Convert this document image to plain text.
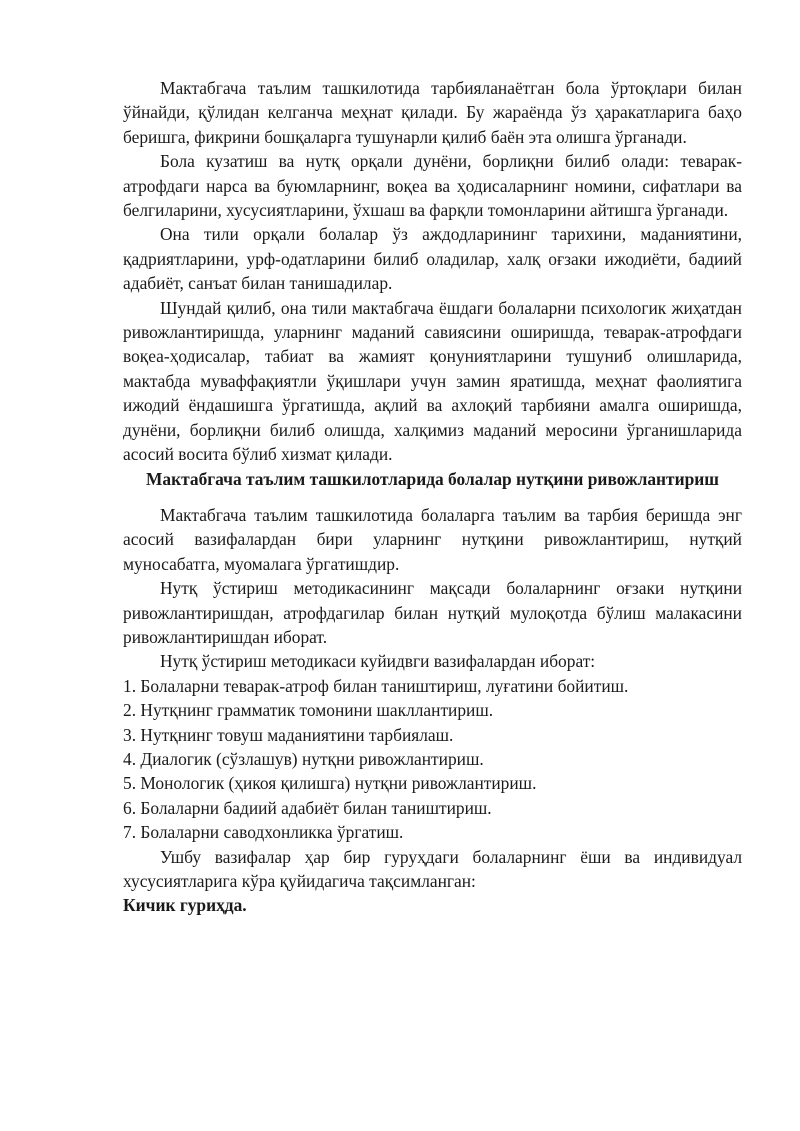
Мактабгача таълим ташкилотида тарбияланаётган бола ўртоқлари билан ўйнайди, қўлидан келганча меҳнат қилади. Бу жараёнда ўз ҳаракатларига баҳо беришга, фикрини бошқаларга тушунарли қилиб баён эта олишга ўрганади.

Бола кузатиш ва нутқ орқали дунёни, борлиқни билиб олади: теварак-атрофдаги нарса ва буюмларнинг, воқеа ва ҳодисаларнинг номини, сифатлари ва белгиларини, хусусиятларини, ўхшаш ва фарқли томонларини айтишга ўрганади.

Она тили орқали болалар ўз аждодларининг тарихини, маданиятини, қадриятларини, урф-одатларини билиб оладилар, халқ оғзаки ижодиёти, бадиий адабиёт, санъат билан танишадилар.

Шундай қилиб, она тили мактабгача ёшдаги болаларни психологик жиҳатдан ривожлантиришда, уларнинг маданий савиясини оширишда, теварак-атрофдаги воқеа-ҳодисалар, табиат ва жамият қонуниятларини тушуниб олишларида, мактабда муваффақиятли ўқишлари учун замин яратишда, меҳнат фаолиятига ижодий ёндашишга ўргатишда, ақлий ва ахлоқий тарбияни амалга оширишда, дунёни, борлиқни билиб олишда, халқимиз маданий меросини ўрганишларида асосий восита бўлиб хизмат қилади.

Мактабгача таълим ташкилотларида болалар нутқини ривожлантириш

Мактабгача таълим ташкилотида болаларга таълим ва тарбия беришда энг асосий вазифалардан бири уларнинг нутқини ривожлантириш, нутқий муносабатга, муомалага ўргатишдир.

Нутқ ўстириш методикасининг мақсади болаларнинг оғзаки нутқини ривожлантиришдан, атрофдагилар билан нутқий мулоқотда бўлиш малакасини ривожлантиришдан иборат.

Нутқ ўстириш методикаси куйидвги вазифалардан иборат:

1. Болаларни теварак-атроф билан таништириш, луғатини бойитиш.
2. Нутқнинг грамматик томонини шакллантириш.
3. Нутқнинг товуш маданиятини тарбиялаш.
4. Диалогик (сўзлашув) нутқни ривожлантириш.
5. Монологик (ҳикоя қилишга) нутқни ривожлантириш.
6. Болаларни бадиий адабиёт билан таништириш.
7. Болаларни саводхонликка ўргатиш.

Ушбу вазифалар ҳар бир гуруҳдаги болаларнинг ёши ва индивидуал хусусиятларига кўра қуйидагича тақсимланган:

Кичик гуриҳда.
